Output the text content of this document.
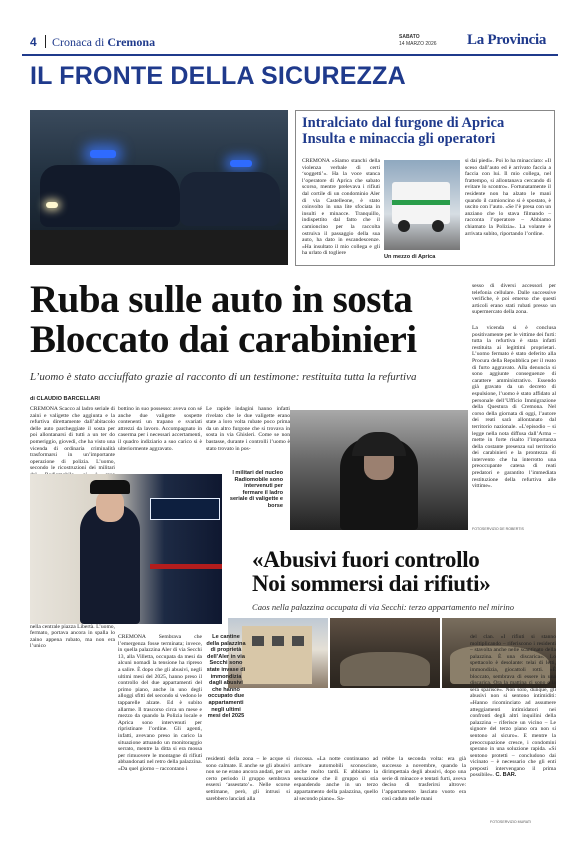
4 Cronaca di Cremona	SABATO
14 MARZO 2026 La Provincia
IL FRONTE DELLA SICUREZZA
Intralciato dal furgone di Aprica
Insulta e minaccia gli operatori
CREMONA «Siamo stanchi della violenza verbale di certi ‘soggetti’». Ha la voce stanca l’operatore di Aprica che sabato scorso, mentre prelevava i rifiuti dal cortile di un condominio Aler di via Castelleone, è stato coinvolto in una lite sfociata in insulti e minacce. Tranquillo, indispettito dal fatto che il camioncino per la raccolta ostruiva il passaggio della sua auto, ha dato in escandescenze. «Ha insultato il mio collega e gli ha urlato di togliere
Un mezzo di Aprica
si dai piedi». Poi lo ha minacciato: «Il sceso dall’auto ed è arrivato faccia a faccia con lui. Il mio collega, nel frattempo, si allontanava cercando di evitare lo scontro». Fortunatamente il residente non ha alzato le mani quando il camioncino si è spostato, è uscito con l’auto. «Se l’è presa con un anziano che lo stava filmando – racconta l’operatore – Abbiamo chiamato la Polizia». La volante è arrivata subito, riportando l’ordine.
Ruba sulle auto in sosta
Bloccato dai carabinieri
L’uomo è stato acciuffato grazie al racconto di un testimone: restituita tutta la refurtiva
sesso di diversi accessori per telefonia cellulare. Dalle successive verifiche, è poi emerso che questi articoli erano stati rubati presso un supermercato della zona.
La vicenda si è conclusa positivamente per le vittime dei furti: tutta la refurtiva è stata infatti restituita ai legittimi proprietari. L’uomo fermato è stato deferito alla Procura della Repubblica per il reato di furto aggravato. Alla denuncia si sono aggiunte conseguenze di carattere amministrativo. Essendo già gravato da un decreto di espulsione, l’uomo è stato affidato al personale dell’Ufficio Immigrazione della Questura di Cremona. Nel corso della giornata di oggi, l’autore dei reati sarà allontanato dal territorio nazionale. «L’episodio – si legge nella nota diffusa dall’Arma – mette in forte risalto l’importanza della costante presenza sul territorio dei carabinieri e la prontezza di intervento che ha interrotto una preoccupante catena di reati predatori e garantito l’immediata restituzione della refurtiva alle vittime».
FOTOSERVIZIO DE ROBERTIS
di CLAUDIO BARCELLARI
CREMONA Scacco al ladro seriale di zaini e valigette che aggiunta e la refurtiva direttamente dall’abitacolo delle auto parcheggiate il sosta per poi allontanarsi di tutti a un ter do pomeriggio, giovedì, che ha visto una vicenda di ordinaria criminalità trasformarsi in un’importante operazione di polizia. L’uomo, secondo le ricostruzioni dei militari nella centrale piazza Libertà. L’uomo, fermato, portava ancora in spalla lo zaino appena rubato, ma non era l’unico
bottino in suo possesso: aveva con sé anche due valigette sospette contenenti un trapano e svariati attrezzi da lavoro. Accompagnato in caserma per i necessari accertamenti, il quadro indiziario a suo carico si è ulteriormente aggravato.
Le rapide indagini hanno infatti rivelato che le due valigette erano state a loro volta rubate poco prima da un altro furgone che si trovava in sosta in via Ghisleri. Come se non bastasse, durante i controlli l’uomo è stato trovato in pos-
I militari del nucleo Radiomobile sono intervenuti per fermare il ladro seriale di valigette e borse
«Abusivi fuori controllo
Noi sommersi dai rifiuti»
Caos nella palazzina occupata di via Secchi: terzo appartamento nel mirino
FOTOSERVIZIO MURATI
CREMONA Sembrava che l’emergenza fosse terminata; invece, in quella palazzina Aler di via Secchi 13, alla Villetta, occupata da mesi da alcuni nomadi la tensione ha ripreso a salire. È dopo che gli abusivi, negli ultimi mesi del 2025, hanno preso il controllo del due appartamenti del primo piano, anche in uno degli alloggi sfitti del secondo si vedono le tapparelle alzate. Ed è subito allarme. Il trascorso circa un mese e mezzo da quando la Polizia locale e Aprica sono intervenuti per ripristinare l’ordine. Gli agenti, infatti, avevano preso in carico la situazione attuando un monitoraggio serrato, mentre la ditta si era mossa per rimuovere le montagne di rifiuti abbandonati nel retro della palazzina. «Da quel giorno – raccontano i
Le cantine della palazzina di proprietà dell’Aler in via Secchi sono state invase di immondizia dagli abusivi che hanno occupato due appartamenti negli ultimi mesi del 2025
residenti della zona – le acque si sono calmate. E anche se gli abusivi non se ne erano ancora andati, per un certo periodo il gruppo sembrava essersi ‘assestato’». Nelle scorse settimane, però, gli intrusi si sarebbero lanciati alla
riscossa. «La notte continuano ad arrivare automobili sconosciute, anche molto tardi. E abbiamo la sensazione che il gruppo si stia espandendo anche in un terzo appartamento della palazzina, quello al secondo piano». Sa-
rebbe la seconda volta: era già successo a novembre, quando la dirimpettaia degli abusivi, dopo una serie di minacce e tentati furti, aveva deciso di trasferirsi altrove: l’appartamento lasciato vuoto era così caduto nelle mani
del clan. «I rifiuti si stanno moltiplicando – riferiscono i residenti – stavolta anche nelle scantinato della palazzina. È una discarica». Lo spettacolo è desolante: telai di letti, immondizia, giocattoli rotti. «È bloccato, sembrava di essere in una discarica. Ora la mattina ci sono e la sera sparisce». Non solo, dunque, gli abusivi non si sentono intimiditi: «Hanno ricominciato ad assumere atteggiamenti intimidatori nei confronti degli altri inquilini della palazzina – riferisce un vicino – Le signore del terzo piano ora non si sentono al sicuro». E mentre la preoccupazione cresce, i condomini sperano in una soluzione rapida. «Si sentono protetti – concludono dai vicinato – è necessario che gli enti preposti intervengano il prima possibile». C. BAR.
